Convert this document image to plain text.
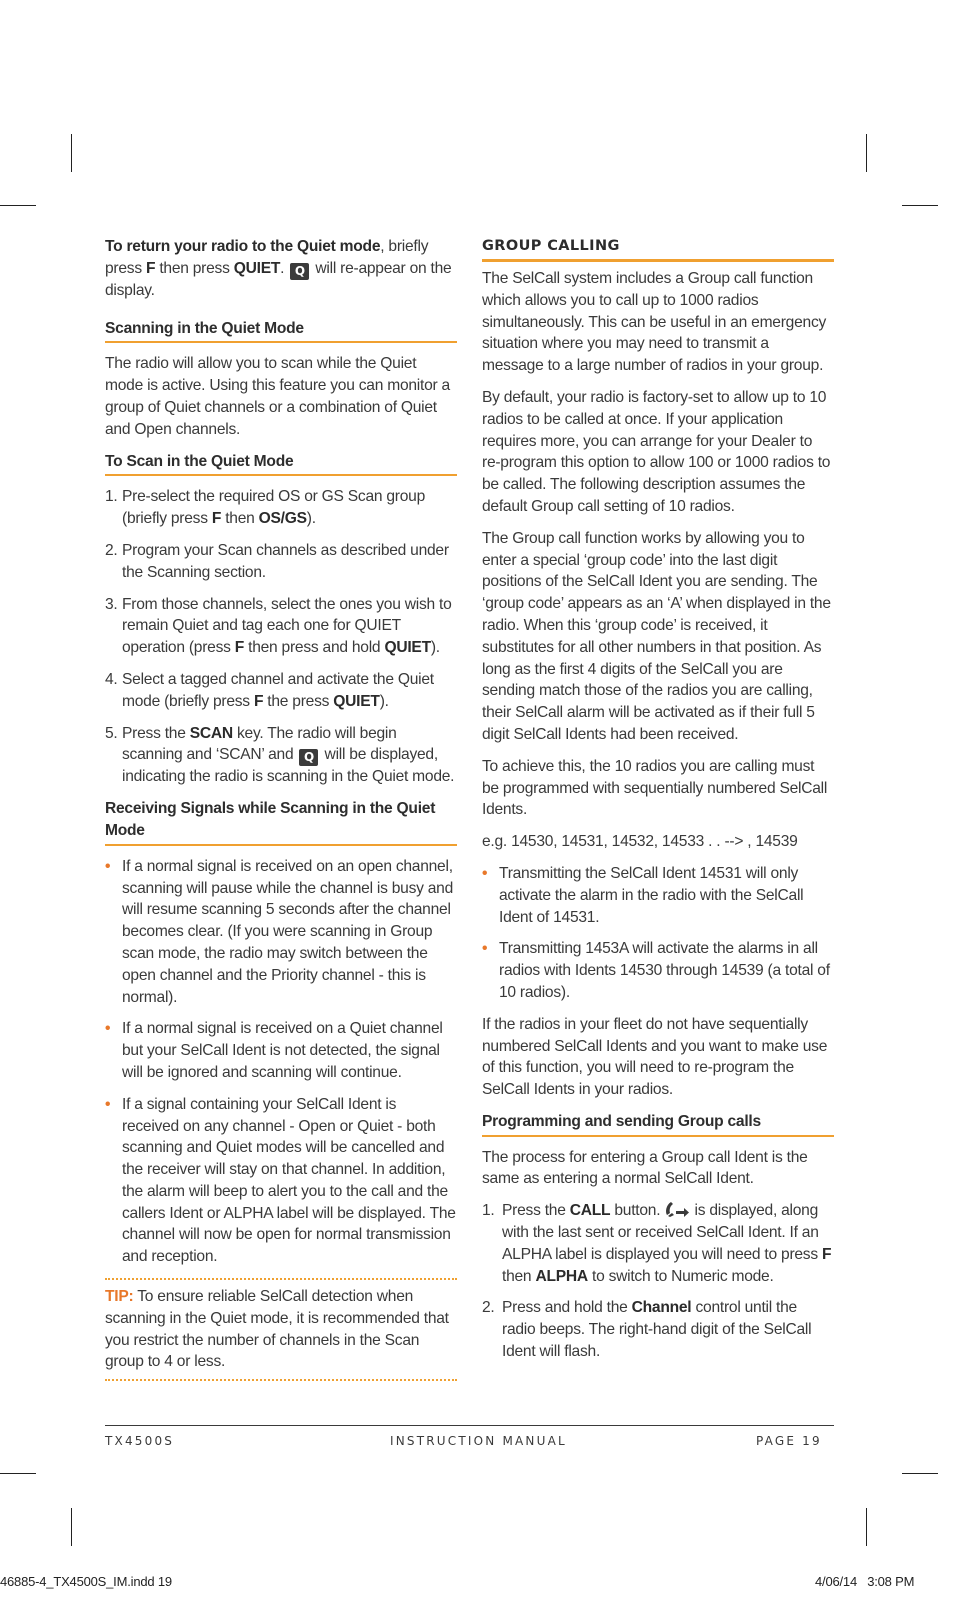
To return your radio to the Quiet mode, briefly press F then press QUIET. Q will re-appear on the display.

Scanning in the Quiet Mode

The radio will allow you to scan while the Quiet mode is active. Using this feature you can monitor a group of Quiet channels or a combination of Quiet and Open channels.

To Scan in the Quiet Mode
1. Pre-select the required OS or GS Scan group (briefly press F then OS/GS).
2. Program your Scan channels as described under the Scanning section.
3. From those channels, select the ones you wish to remain Quiet and tag each one for QUIET operation (press F then press and hold QUIET).
4. Select a tagged channel and activate the Quiet mode (briefly press F the press QUIET).
5. Press the SCAN key. The radio will begin scanning and ‘SCAN’ and Q will be displayed, indicating the radio is scanning in the Quiet mode.
Receiving Signals while Scanning in the Quiet Mode
• If a normal signal is received on an open channel, scanning will pause while the channel is busy and will resume scanning 5 seconds after the channel becomes clear. (If you were scanning in Group scan mode, the radio may switch between the open channel and the Priority channel - this is normal).
• If a normal signal is received on a Quiet channel but your SelCall Ident is not detected, the signal will be ignored and scanning will continue.
• If a signal containing your SelCall Ident is received on any channel - Open or Quiet - both scanning and Quiet modes will be cancelled and the receiver will stay on that channel. In addition, the alarm will beep to alert you to the call and the callers Ident or ALPHA label will be displayed. The channel will now be open for normal transmission and reception.
TIP: To ensure reliable SelCall detection when scanning in the Quiet mode, it is recommended that you restrict the number of channels in the Scan group to 4 or less.
GROUP CALLING

The SelCall system includes a Group call function which allows you to call up to 1000 radios simultaneously. This can be useful in an emergency situation where you may need to transmit a message to a large number of radios in your group.

By default, your radio is factory-set to allow up to 10 radios to be called at once. If your application requires more, you can arrange for your Dealer to re-program this option to allow 100 or 1000 radios to be called. The following description assumes the default Group call setting of 10 radios.

The Group call function works by allowing you to enter a special ‘group code’ into the last digit positions of the SelCall Ident you are sending. The ‘group code’ appears as an ‘A’ when displayed in the radio. When this ‘group code’ is received, it substitutes for all other numbers in that position. As long as the first 4 digits of the SelCall you are sending match those of the radios you are calling, their SelCall alarm will be activated as if their full 5 digit SelCall Idents had been received.

To achieve this, the 10 radios you are calling must be programmed with sequentially numbered SelCall Idents.

e.g. 14530, 14531, 14532, 14533 . . --> , 14539

• Transmitting the SelCall Ident 14531 will only activate the alarm in the radio with the SelCall Ident of 14531.
• Transmitting 1453A will activate the alarms in all radios with Idents 14530 through 14539 (a total of 10 radios).

If the radios in your fleet do not have sequentially numbered SelCall Idents and you want to make use of this function, you will need to re-program the SelCall Idents in your radios.

Programming and sending Group calls

The process for entering a Group call Ident is the same as entering a normal SelCall Ident.

1. Press the CALL button.  is displayed, along with the last sent or received SelCall Ident. If an ALPHA label is displayed you will need to press F then ALPHA to switch to Numeric mode.
2. Press and hold the Channel control until the radio beeps. The right-hand digit of the SelCall Ident will flash.
TX4500S	INSTRUCTION MANUAL	PAGE 19
46885-4_TX4500S_IM.indd 19	4/06/14   3:08 PM
